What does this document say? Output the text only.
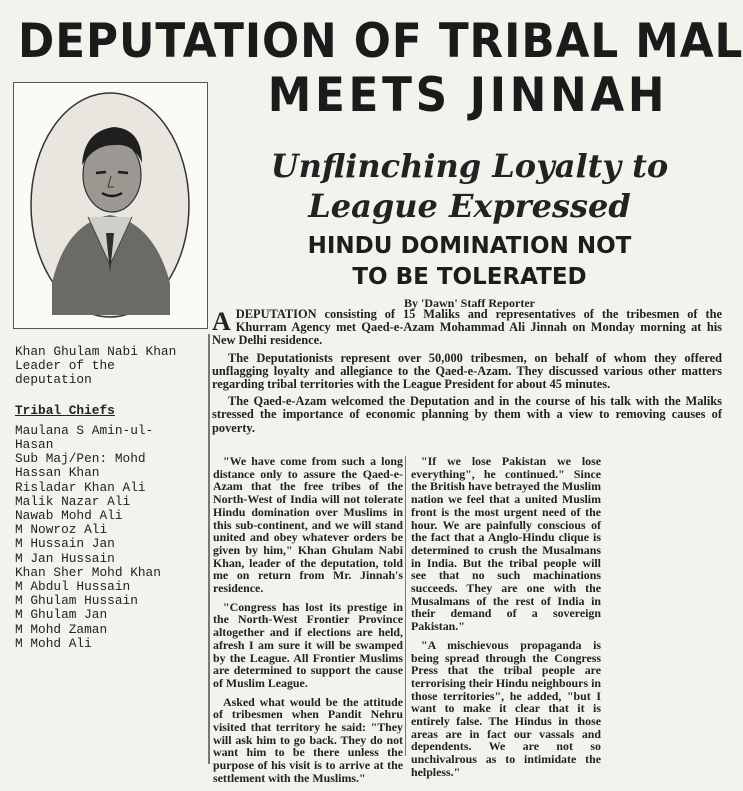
DEPUTATION OF TRIBAL MAL
MEETS JINNAH
Unflinching Loyalty to
League Expressed
HINDU DOMINATION NOT
TO BE TOLERATED
By 'Dawn' Staff Reporter
Khan Ghulam Nabi Khan
Leader of the
deputation
Tribal Chiefs
Maulana S Amin-ul-
Hasan
Sub Maj/Pen: Mohd
Hassan Khan
Risladar Khan Ali
Malik Nazar Ali
Nawab Mohd Ali
M Nowroz Ali
M Hussain Jan
M Jan Hussain
Khan Sher Mohd Khan
M Abdul Hussain
M Ghulam Hussain
M Ghulam Jan
M Mohd Zaman
M Mohd Ali

ADEPUTATION consisting of 15 Maliks and representatives of the tribesmen of the Khurram Agency met Qaed-e-Azam Mohammad Ali Jinnah on Monday morning at his New Delhi residence.

The Deputationists represent over 50,000 tribesmen, on behalf of whom they offered unflagging loyalty and allegiance to the Qaed-e-Azam. They discussed various other matters regarding tribal territories with the League President for about 45 minutes.

The Qaed-e-Azam welcomed the Deputation and in the course of his talk with the Maliks stressed the importance of economic planning by them with a view to removing causes of poverty.

"We have come from such a long distance only to assure the Qaed-e-Azam that the free tribes of the North-West of India will not tolerate Hindu domination over Muslims in this sub-continent, and we will stand united and obey whatever orders be given by him," Khan Ghulam Nabi Khan, leader of the deputation, told me on return from Mr. Jinnah's residence.

"Congress has lost its prestige in the North-West Frontier Province altogether and if elections are held, afresh I am sure it will be swamped by the League. All Frontier Muslims are determined to support the cause of Muslim League.

Asked what would be the attitude of tribesmen when Pandit Nehru visited that territory he said: "They will ask him to go back. They do not want him to be there unless the purpose of his visit is to arrive at the settlement with the Muslims."

"If we lose Pakistan we lose everything", he continued." Since the British have betrayed the Muslim nation we feel that a united Muslim front is the most urgent need of the hour. We are painfully conscious of the fact that a Anglo-Hindu clique is determined to crush the Musalmans in India. But the tribal people will see that no such machinations succeeds. They are one with the Musalmans of the rest of India in their demand of a sovereign Pakistan."

"A mischievous propaganda is being spread through the Congress Press that the tribal people are terrorising their Hindu neighbours in those territories", he added, "but I want to make it clear that it is entirely false. The Hindus in those areas are in fact our vassals and dependents. We are not so unchivalrous as to intimidate the helpless."
